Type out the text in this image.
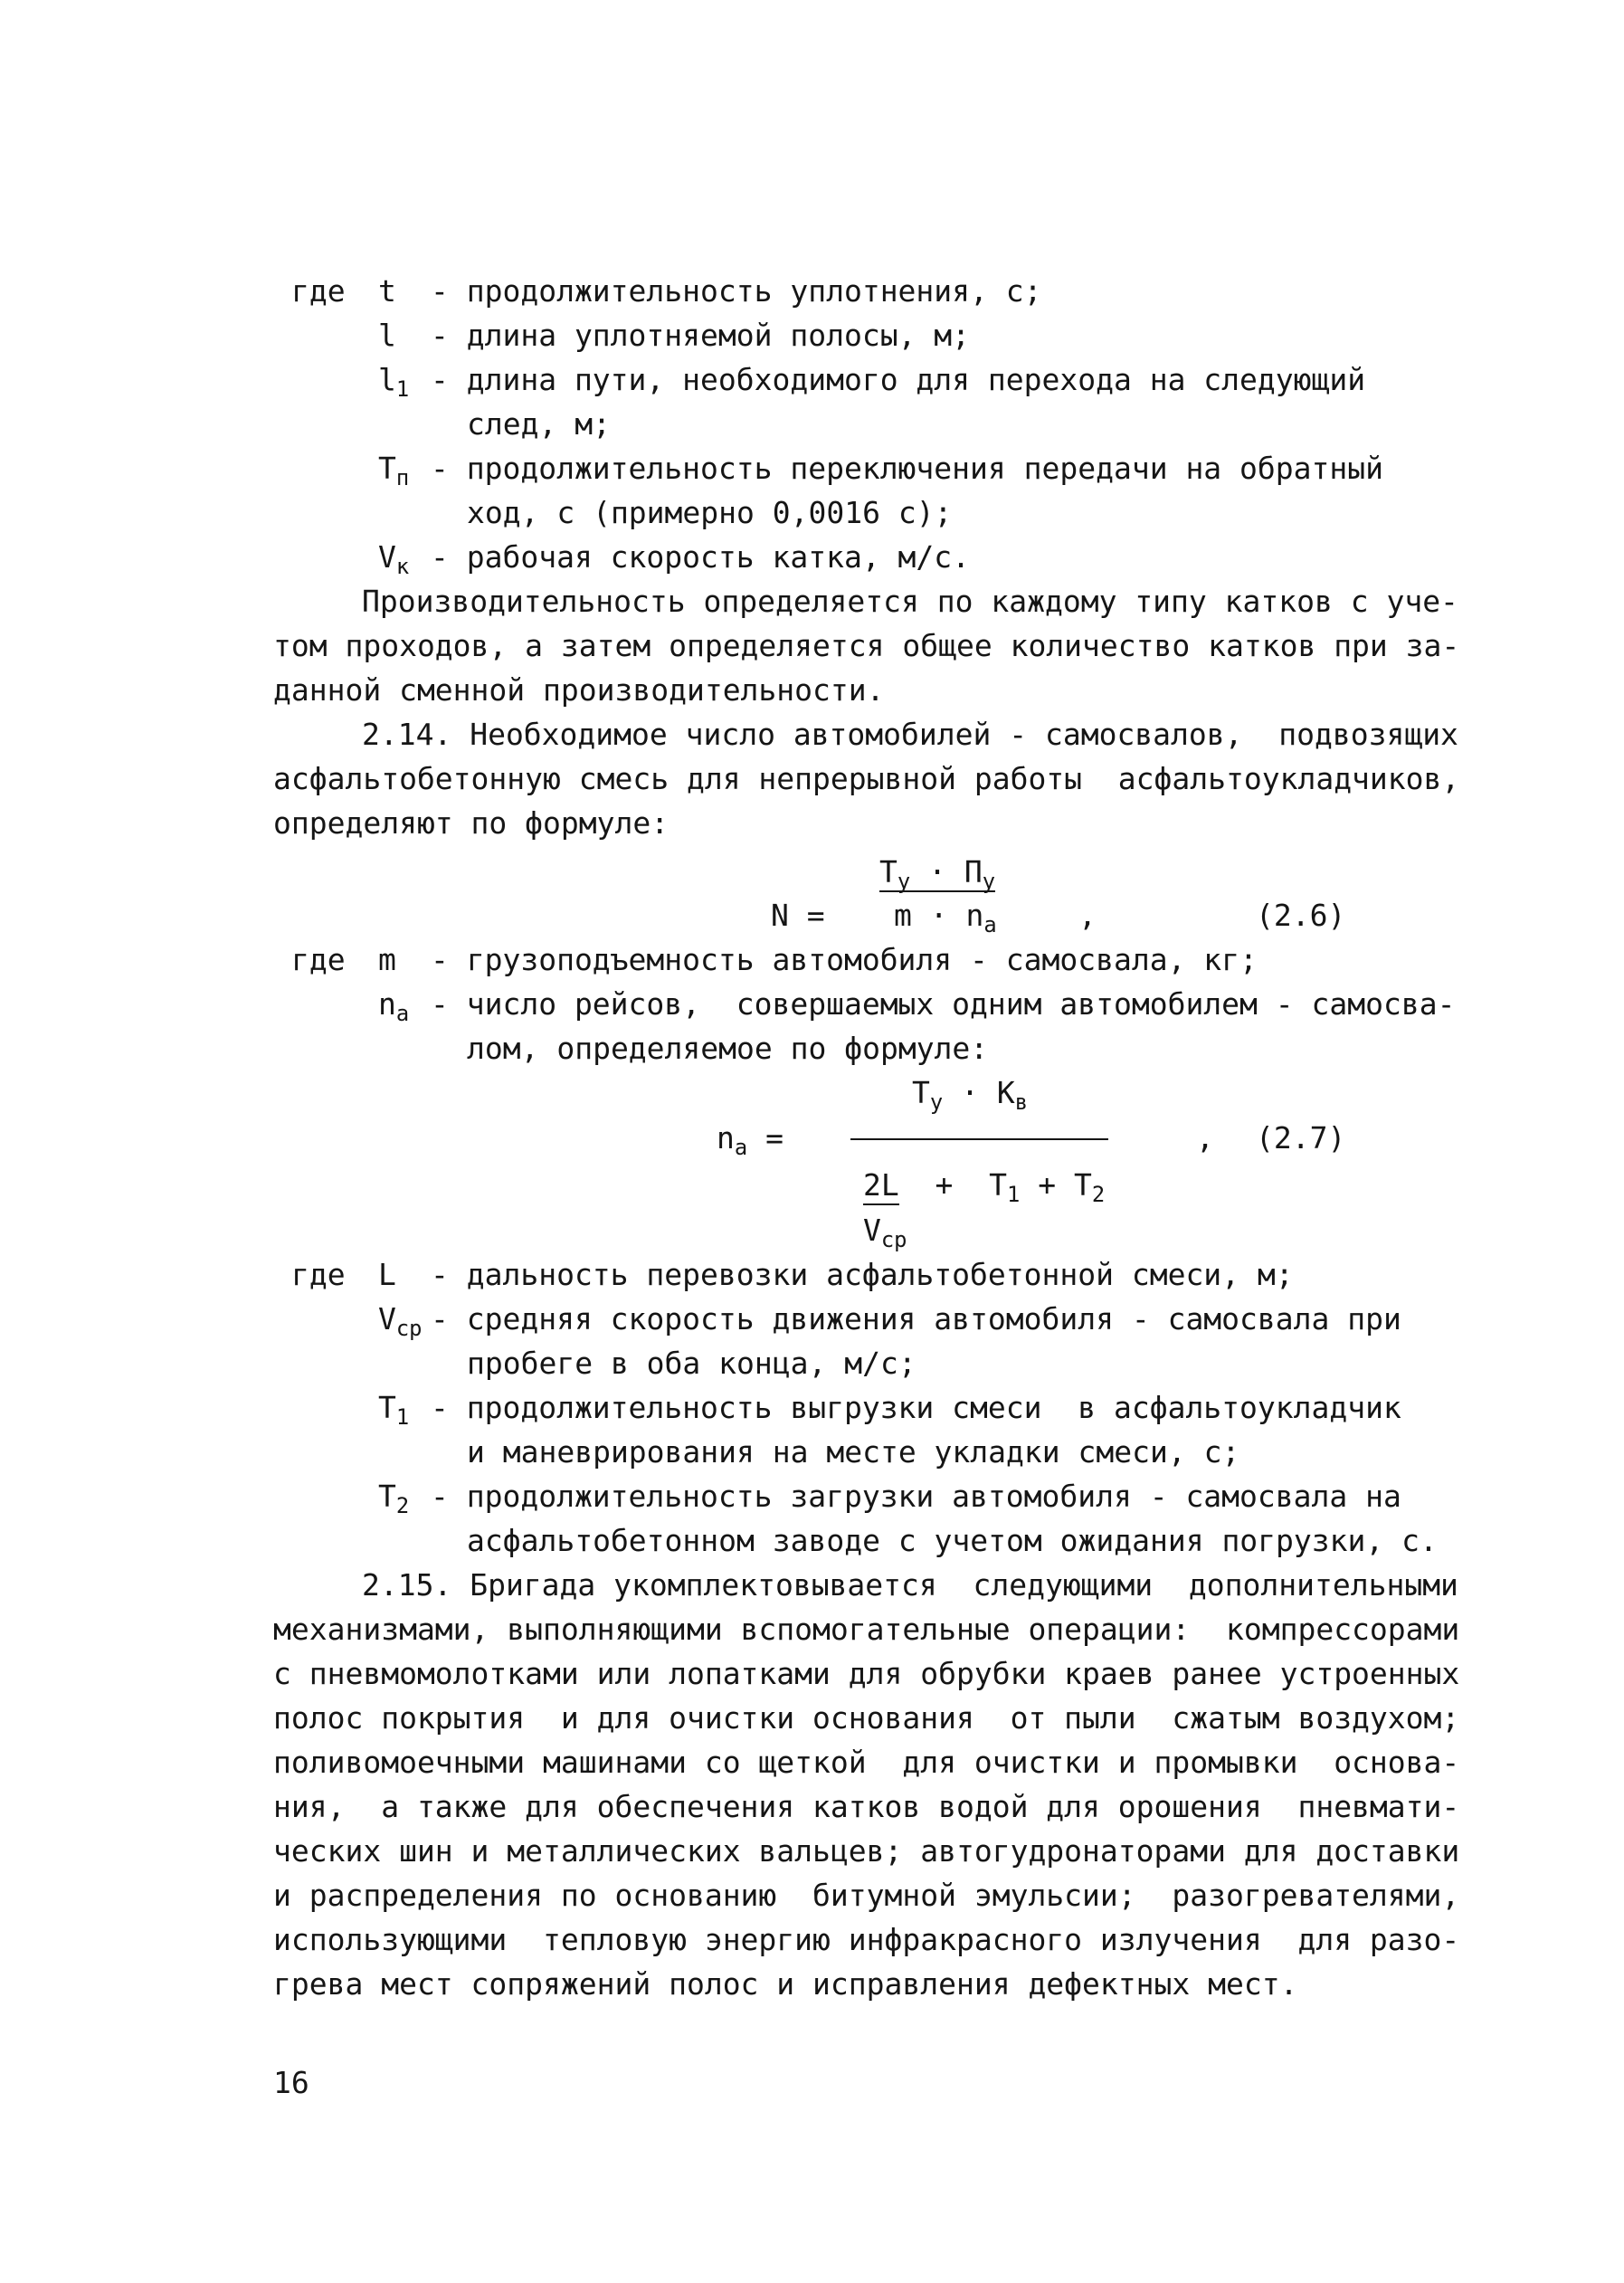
где t - продолжительность уплотнения, с;
l - длина уплотняемой полосы, м;
$l_1$ - длина пути, необходимого для перехода на следующий
след, м;
$T_п$ - продолжительность переключения передачи на обратный
ход, с (примерно 0,0016 с);
$V_к$ - рабочая скорость катка, м/с.
Производительность определяется по каждому типу катков с уче-
том проходов, а затем определяется общее количество катков при за-
данной сменной производительности.
2.14. Необходимое число автомобилей - самосвалов,  подвозящих
асфальтобетонную смесь для непрерывной работы  асфальтоукладчиков,
определяют по формуле:
$T_у \cdot П_у$
$N = m \cdot n_a$	,	(2.6)
где m - грузоподъемность автомобиля - самосвала, кг;
$n_a$ - число рейсов,  совершаемых одним автомобилем - самосва-
лом, определяемое по формуле:
$T_у \cdot K_в$
$n_a$ =	, (2.7)
$2L + T_1 + T_2$
$V_{ср}$
где L - дальность перевозки асфальтобетонной смеси, м;
$V_{ср}$ - средняя скорость движения автомобиля - самосвала при
пробеге в оба конца, м/с;
$T_1$ - продолжительность выгрузки смеси  в асфальтоукладчик
и маневрирования на месте укладки смеси, с;
$T_2$ - продолжительность загрузки автомобиля - самосвала на
асфальтобетонном заводе с учетом ожидания погрузки, с.
2.15. Бригада укомплектовывается  следующими  дополнительными
механизмами, выполняющими вспомогательные операции:  компрессорами
с пневмомолотками или лопатками для обрубки краев ранее устроенных
полос покрытия  и для очистки основания  от пыли  сжатым воздухом;
поливомоечными машинами со щеткой  для очистки и промывки  основа-
ния,  а также для обеспечения катков водой для орошения  пневмати-
ческих шин и металлических вальцев; автогудронаторами для доставки
и распределения по основанию  битумной эмульсии;  разогревателями,
использующими  тепловую энергию инфракрасного излучения  для разо-
грева мест сопряжений полос и исправления дефектных мест.
16
